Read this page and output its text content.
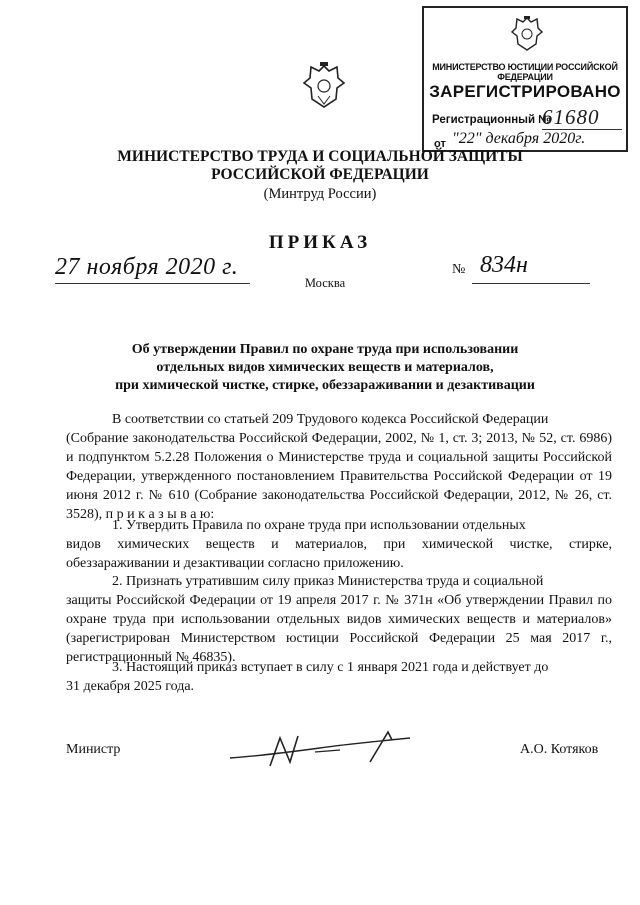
МИНИСТЕРСТВО ЮСТИЦИИ РОССИЙСКОЙ ФЕДЕРАЦИИ
ЗАРЕГИСТРИРОВАНО
Регистрационный №
61680
от "22" декабря 2020г.
МИНИСТЕРСТВО ТРУДА И СОЦИАЛЬНОЙ ЗАЩИТЫ
РОССИЙСКОЙ ФЕДЕРАЦИИ
(Минтруд России)
ПРИКАЗ
27 ноября 2020 г.	№ 834н
Москва
Об утверждении Правил по охране труда при использовании
отдельных видов химических веществ и материалов,
при химической чистке, стирке, обеззараживании и дезактивации
В соответствии со статьей 209 Трудового кодекса Российской Федерации
(Собрание законодательства Российской Федерации, 2002, № 1, ст. 3; 2013, № 52, ст. 6986) и подпунктом 5.2.28 Положения о Министерстве труда и социальной защиты Российской Федерации, утвержденного постановлением Правительства Российской Федерации от 19 июня 2012 г. № 610 (Собрание законодательства Российской Федерации, 2012, № 26, ст. 3528), п р и к а з ы в а ю:
1. Утвердить Правила по охране труда при использовании отдельных
видов химических веществ и материалов, при химической чистке, стирке, обеззараживании и дезактивации согласно приложению.
2. Признать утратившим силу приказ Министерства труда и социальной
защиты Российской Федерации от 19 апреля 2017 г. № 371н «Об утверждении Правил по охране труда при использовании отдельных видов химических веществ и материалов» (зарегистрирован Министерством юстиции Российской Федерации 25 мая 2017 г., регистрационный № 46835).
3. Настоящий приказ вступает в силу с 1 января 2021 года и действует до
31 декабря 2025 года.
Министр	А.О. Котяков
